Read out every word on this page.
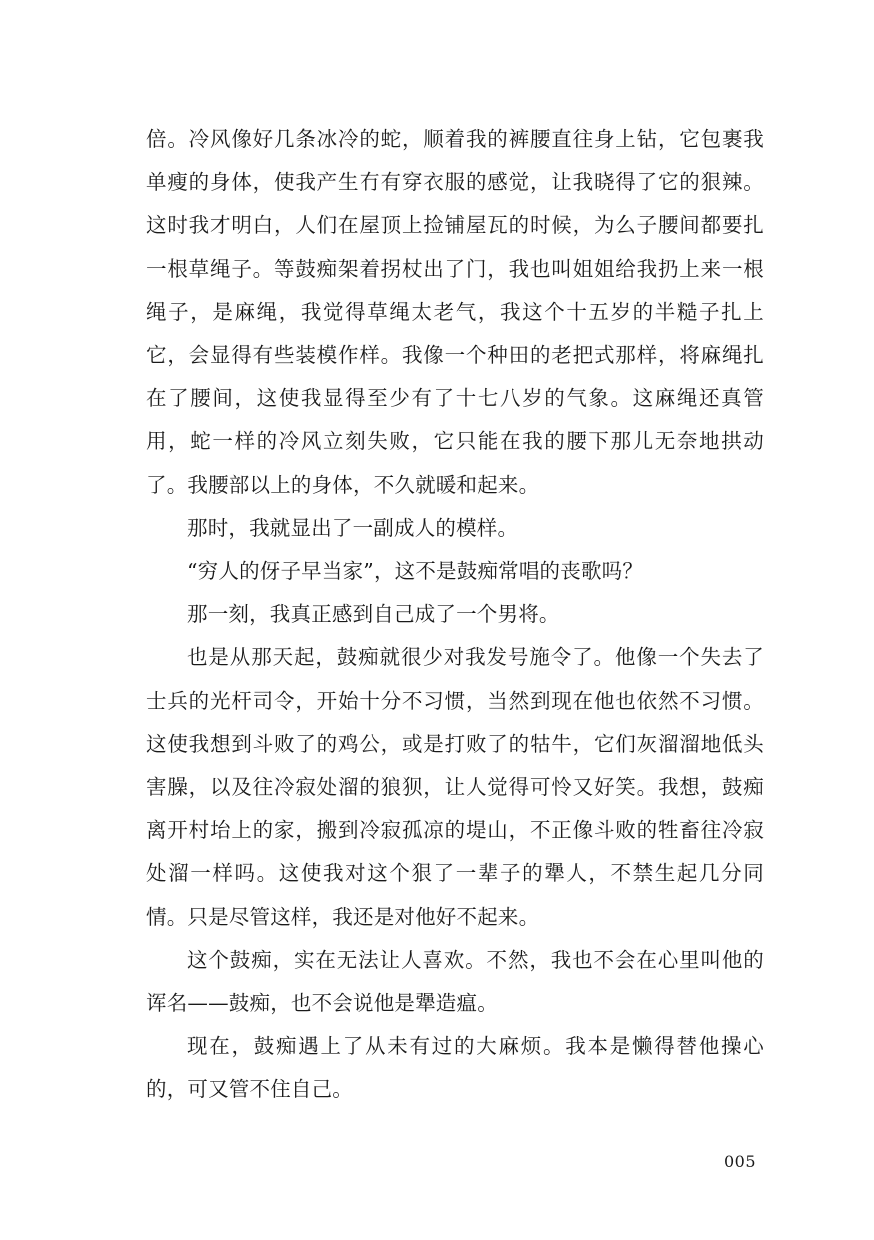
倍。冷风像好几条冰冷的蛇，顺着我的裤腰直往身上钻，它包裹我单瘦的身体，使我产生冇有穿衣服的感觉，让我晓得了它的狠辣。这时我才明白，人们在屋顶上捡铺屋瓦的时候，为么子腰间都要扎一根草绳子。等鼓痴架着拐杖出了门，我也叫姐姐给我扔上来一根绳子，是麻绳，我觉得草绳太老气，我这个十五岁的半糙子扎上它，会显得有些装模作样。我像一个种田的老把式那样，将麻绳扎在了腰间，这使我显得至少有了十七八岁的气象。这麻绳还真管用，蛇一样的冷风立刻失败，它只能在我的腰下那儿无奈地拱动了。我腰部以上的身体，不久就暖和起来。

那时，我就显出了一副成人的模样。

“穷人的伢子早当家”，这不是鼓痴常唱的丧歌吗？

那一刻，我真正感到自己成了一个男将。

也是从那天起，鼓痴就很少对我发号施令了。他像一个失去了士兵的光杆司令，开始十分不习惯，当然到现在他也依然不习惯。这使我想到斗败了的鸡公，或是打败了的牯牛，它们灰溜溜地低头害臊，以及往冷寂处溜的狼狈，让人觉得可怜又好笑。我想，鼓痴离开村坮上的家，搬到冷寂孤凉的堤山，不正像斗败的牲畜往冷寂处溜一样吗。这使我对这个狠了一辈子的犟人，不禁生起几分同情。只是尽管这样，我还是对他好不起来。

这个鼓痴，实在无法让人喜欢。不然，我也不会在心里叫他的诨名——鼓痴，也不会说他是犟造瘟。

现在，鼓痴遇上了从未有过的大麻烦。我本是懒得替他操心的，可又管不住自己。

005
